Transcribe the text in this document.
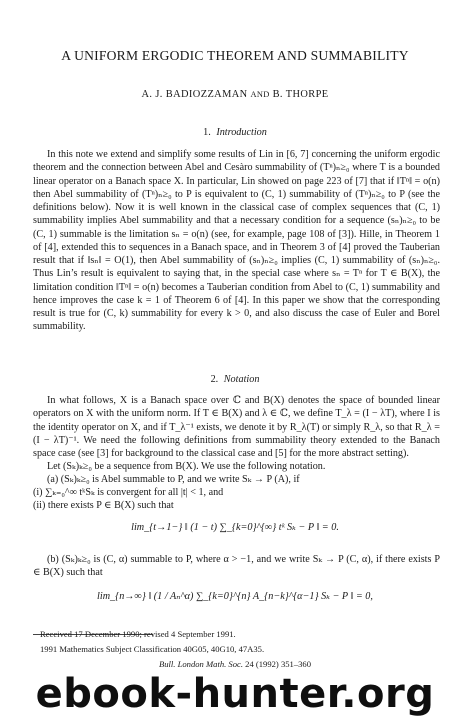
A UNIFORM ERGODIC THEOREM AND SUMMABILITY
A. J. BADIOZZAMAN AND B. THORPE
1. Introduction

In this note we extend and simplify some results of Lin in [6, 7] concerning the uniform ergodic theorem and the connection between Abel and Cesàro summability of (Tⁿ)ₙ≥₀ where T is a bounded linear operator on a Banach space X. In particular, Lin showed on page 223 of [7] that if ‖Tⁿ‖ = o(n) then Abel summability of (Tⁿ)ₙ≥₀ to P is equivalent to (C, 1) summability of (Tⁿ)ₙ≥₀ to P (see the definitions below). Now it is well known in the classical case of complex sequences that (C, 1) summability implies Abel summability and that a necessary condition for a sequence (sₙ)ₙ≥₀ to be (C, 1) summable is the limitation sₙ = o(n) (see, for example, page 108 of [3]). Hille, in Theorem 1 of [4], extended this to sequences in a Banach space, and in Theorem 3 of [4] proved the Tauberian result that if ‖sₙ‖ = O(1), then Abel summability of (sₙ)ₙ≥₀ implies (C, 1) summability of (sₙ)ₙ≥₀. Thus Lin’s result is equivalent to saying that, in the special case where sₙ = Tⁿ for T ∈ B(X), the limitation condition ‖Tⁿ‖ = o(n) becomes a Tauberian condition from Abel to (C, 1) summability and hence improves the case k = 1 of Theorem 6 of [4]. In this paper we show that the corresponding result is true for (C, k) summability for every k > 0, and also discuss the case of Euler and Borel summability.

2. Notation

In what follows, X is a Banach space over ℂ and B(X) denotes the space of bounded linear operators on X with the uniform norm. If T ∈ B(X) and λ ∈ ℂ, we define T_λ = (I − λT), where I is the identity operator on X, and if T_λ⁻¹ exists, we denote it by R_λ(T) or simply R_λ, so that R_λ = (I − λT)⁻¹. We need the following definitions from summability theory extended to the Banach space case (see [3] for background to the classical case and [5] for the more abstract setting).

Let (Sₖ)ₖ≥₀ be a sequence from B(X). We use the following notation.

(a) (Sₖ)ₖ≥₀ is Abel summable to P, and we write Sₖ → P (A), if

(i) ∑ₖ₌₀^∞ tᵏSₖ is convergent for all |t| < 1, and

(ii) there exists P ∈ B(X) such that

lim_{t→1−} ‖ (1 − t) ∑_{k=0}^{∞} tᵏ Sₖ − P ‖ = 0.

(b) (Sₖ)ₖ≥₀ is (C, α) summable to P, where α > −1, and we write Sₖ → P (C, α), if there exists P ∈ B(X) such that

lim_{n→∞} ‖ (1 / Aₙ^α) ∑_{k=0}^{n} A_{n−k}^{α−1} Sₖ − P ‖ = 0,

Received 17 December 1990; revised 4 September 1991.

1991 Mathematics Subject Classification 40G05, 40G10, 47A35.

Bull. London Math. Soc. 24 (1992) 351–360
ebook-hunter.org
